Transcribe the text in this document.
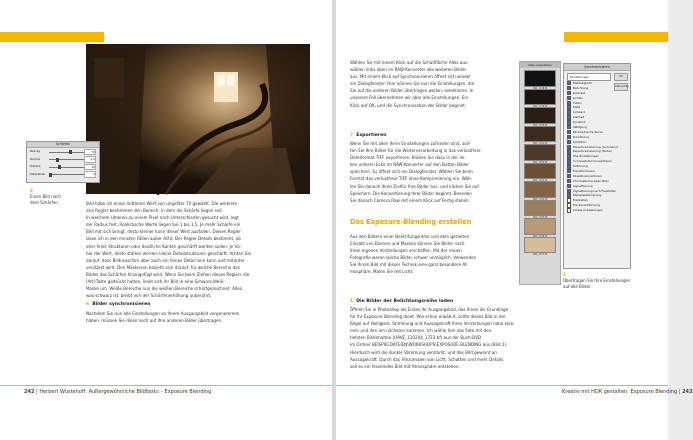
Schärfen
Betrag	70
Radius	1,0
Details	25
Maskieren	0
8
Einen Bild nach
dem Schärfen	Bild habe ich einen mittleren Wert von ungefähr 70 gewählt. Die weiteren
drei Regler bestimmen den Bereich, in dem die Schärfe liegen soll.
In welchem Umkreis zu einem Pixel nach Unterschieden gesucht wird, legt
der Radius fest. Realistische Werte liegen bei 1 bis 1,5. Je mehr Schärfe ein
Bild mit sich bringt, desto kleiner kann dieser Wert ausfallen. Diesen Regler
lasse ich in den meisten Fällen außer Acht. Der Regler Details bestimmt, ob
eher feine Strukturen oder deutliche Kanten geschärft werden sollen. Je hö-
her der Wert, desto stärker werden kleine Detailstrukturen geschärft. Achten Sie
darauf, dass Bildrauschen aber auch ein feines Detail sein kann und mitunter
verstärkt wird. Den Maskieren bezieht sich darauf, für welche Bereiche des
Bildes das Schärfen hinzugefügt wird. Wenn Sie beim Ziehen dieses Reglers die
[Alt]-Taste gedrückt halten, lenkt sich ihr Bild in eine Schwarz-Weiß-
Maske um. Weiße Bereiche nun die weißen Bereiche scharfgezeichnet. Alles,
was schwarz ist, bleibt von der Schärfenerhöhung unberührt.
6 Bilder synchronisieren
Nachdem Sie nun alle Einstellungen an Ihrem Ausgangsbild vorgenommen
haben, müssen Sie diese noch auf Ihre anderen Bilder übertragen.
242 | Herbert Wüstehoff: Außergewöhnliche Bildlooks – Exposure Blending
Wählen Sie mit einem Klick auf die Schaltfläche Alles aus-
wählen links oben im RAW-Konverter alle weiteren Bilder
aus. Mit einem Klick auf Synchronisieren öffnet sich wieder
ein Dialogfenster. Hier können Sie nun die Einstellungen, die
Sie auf die anderen Bilder übertragen wollen, selektieren. In
unserem Fall übernehmen wir aber alle Einstellungen. Ein
Klick auf OK, und die Synchronisation der Bilder beginnt.
7 Exportieren
Wenn Sie mit allen Ihren Einstellungen zufrieden sind, soll-
ten Sie Ihre Bilder für die Weiterverarbeitung in das verlustfreie
Dateiformat TIFF exportieren. Klicken Sie dazu in der lin-
ken unteren Ecke im RAW-Konverter auf den Button Bilder
speichern. Es öffnet sich ein Dialogfenster. Wählen Sie beim
Format das verlustfreie TIFF ohne Komprimierung ein. Wäh-
len Sie danach Ihren Zielfür Ihre Bilder aus, und klicken Sie auf
Speichern. Die Konvertierung Ihrer Bilder beginnt. Beenden
Sie danach Camera Raw mit einem Klick auf Fertig stellen.
Das Exposure-Blending erstellen
Aus den Bildern einer Belichtungsreihe und dem gezielten
Einsatz von Ebenen und Masken können Sie Bilder nach
Ihren eigenen Vorstellungen erschaffen. Mit der neuen
Fotografie waren solche Bilder schwer unmöglich. Verwenden
Sie Ihrem Bild mit dieser Technik eine ganz besondere At-
mosphäre. Malen Sie mit Licht.
1 Die Bilder der Belichtungsreihe laden
Öffnen Sie in Photoshop als Erstes Ihr Ausgangsbild, das Ihnen als Grundlage
für Ihr Exposure Blending dient. Wie schon erwähnt, sollte dieses Bild in der
Regel auf Helligkeit, Stimmung und Aussagekraft Ihren Vorstellungen nahe kom-
men und ihm am nächsten kommen. Ich wähle hier das Foto mit den
tiefsten Bildinhalten (HAVE_110204_1723.tif) aus der Buch-DVD
im Ordner BEISPIELDATEIEN\WORKSHOPS\EXPOSURE BLENDING aus (Bild 1).
Hierdurch wird die dunkle Stimmung verstärkt, und das Bild gewinnt an
Aussagekraft. Durch das Hinzumalen von Licht, Schatten und mehr Details
soll es ein fesselndes Bild mit Atmosphäre entstehen.
Kreativ mit HDR gestalten: Exposure Blending | 243
Alles auswählen
DSC_1727.tif
Synchronisieren
Einstellungen	OK
Abbrechen
Weißabgleich
Belichtung
Kontrast
Lichter
Tiefen
Weiß
Schwarz
Klarheit
Dynamik
Sättigung
Parametrische Kurve
Punktkurve
Schärfen
Rauschreduzierung (Luminanz)
Rauschreduzierung (Farbe)
HSL-Einstellungen
In Graustufen konvertieren
Teiltonung
Transformieren
Objektivkorrekturen
Chromatische Aberration
Vignettierung
Vignettierung nach Freistellen
Kamerakalibrierung
Freistellen
Fleckenentfernung
Lokale Anpassungen
8
Übertragen Sie Ihre Einstellungen
auf alle Bilder.
